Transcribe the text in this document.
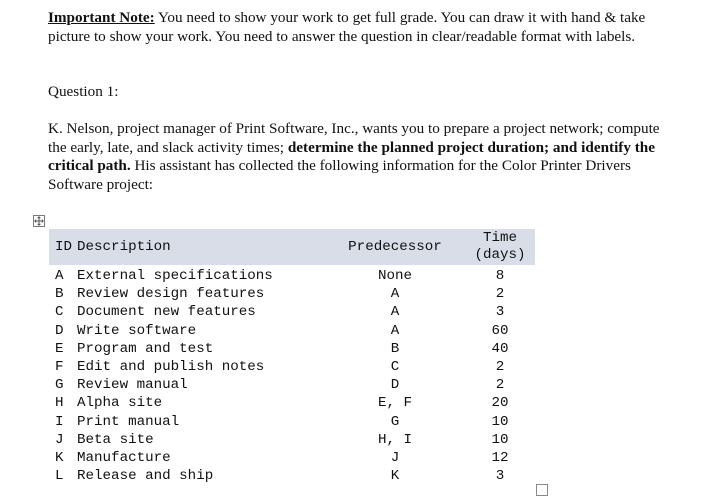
Important Note: You need to show your work to get full grade. You can draw it with hand & take picture to show your work. You need to answer the question in clear/readable format with labels.

Question 1:

K. Nelson, project manager of Print Software, Inc., wants you to prepare a project network; compute the early, late, and slack activity times; determine the planned project duration; and identify the critical path. His assistant has collected the following information for the Color Printer Drivers Software project:

ID	Description	Predecessor	Time
(days)

A	External specifications	None	8
B	Review design features	A	2
C	Document new features	A	3
D	Write software	A	60
E	Program and test	B	40
F	Edit and publish notes	C	2
G	Review manual	D	2
H	Alpha site	E, F	20
I	Print manual	G	10
J	Beta site	H, I	10
K	Manufacture	J	12
L	Release and ship	K	3
